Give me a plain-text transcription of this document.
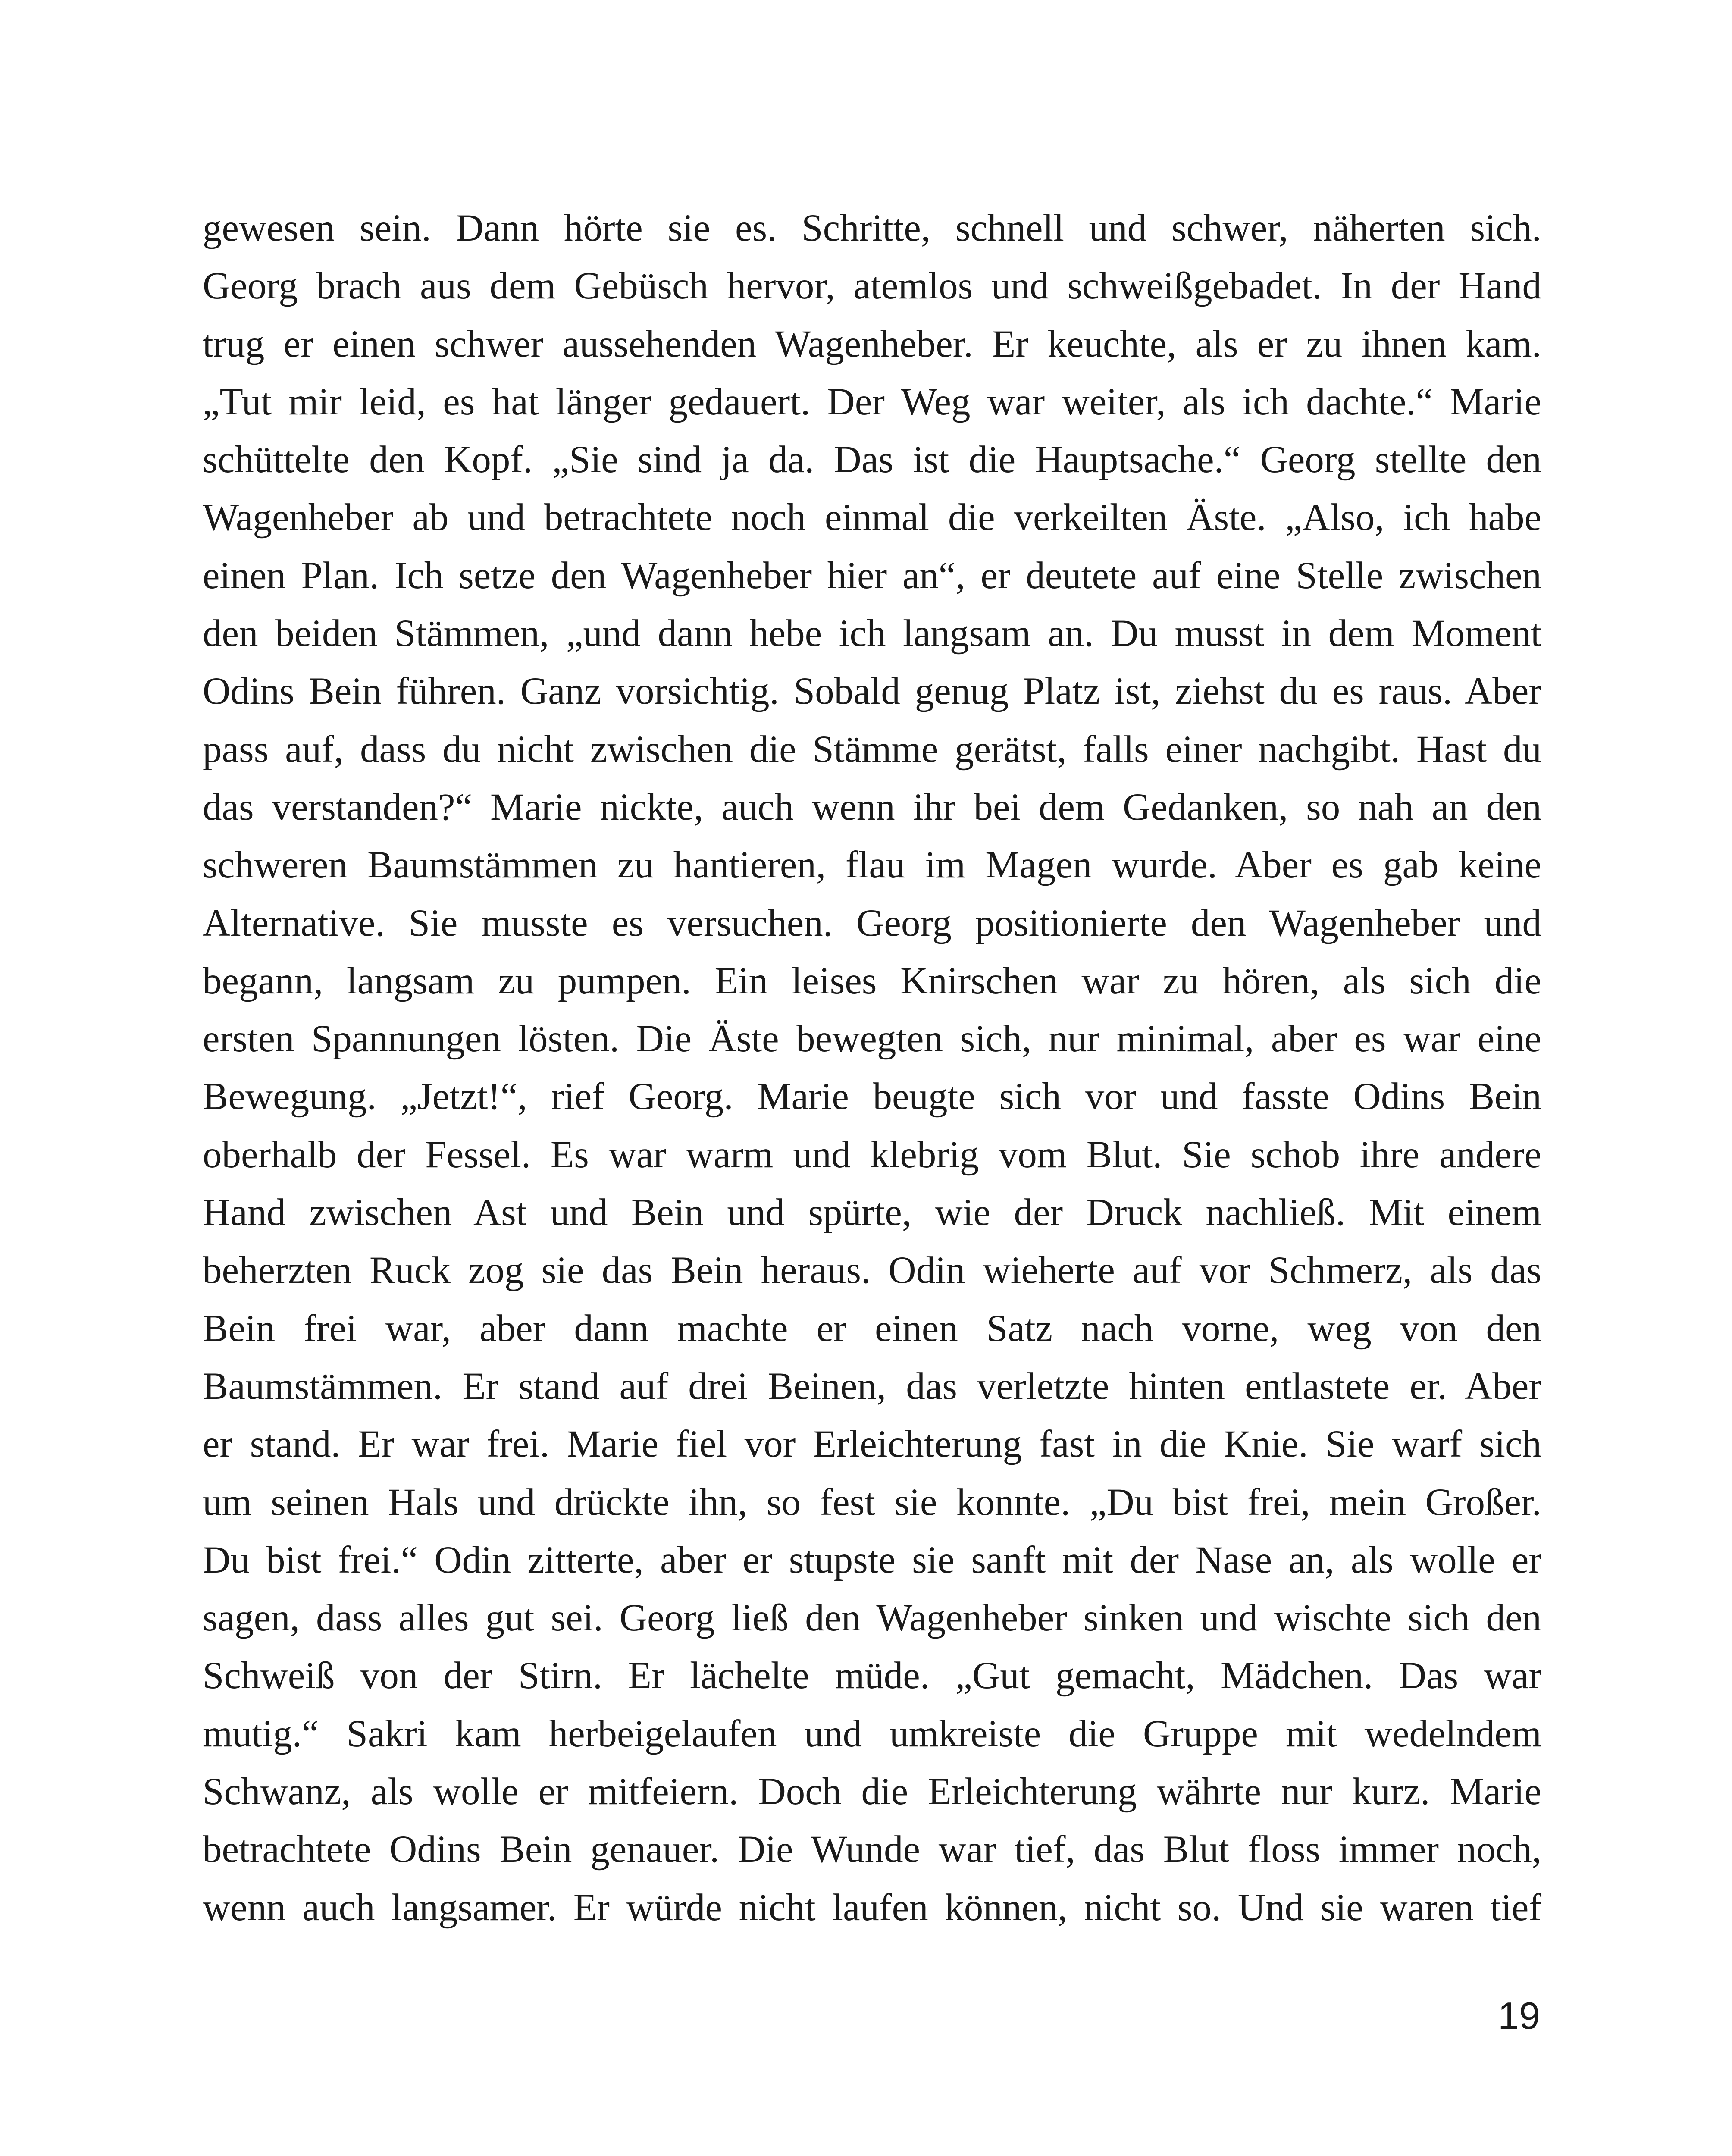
gewesen sein. Dann hörte sie es. Schritte, schnell und schwer, näherten sich.
Georg brach aus dem Gebüsch hervor, atemlos und schweißgebadet. In der Hand
trug er einen schwer aussehenden Wagenheber. Er keuchte, als er zu ihnen kam.
„Tut mir leid, es hat länger gedauert. Der Weg war weiter, als ich dachte.“ Marie
schüttelte den Kopf. „Sie sind ja da. Das ist die Hauptsache.“ Georg stellte den
Wagenheber ab und betrachtete noch einmal die verkeilten Äste. „Also, ich habe
einen Plan. Ich setze den Wagenheber hier an“, er deutete auf eine Stelle zwischen
den beiden Stämmen, „und dann hebe ich langsam an. Du musst in dem Moment
Odins Bein führen. Ganz vorsichtig. Sobald genug Platz ist, ziehst du es raus. Aber
pass auf, dass du nicht zwischen die Stämme gerätst, falls einer nachgibt. Hast du
das verstanden?“ Marie nickte, auch wenn ihr bei dem Gedanken, so nah an den
schweren Baumstämmen zu hantieren, flau im Magen wurde. Aber es gab keine
Alternative. Sie musste es versuchen. Georg positionierte den Wagenheber und
begann, langsam zu pumpen. Ein leises Knirschen war zu hören, als sich die
ersten Spannungen lösten. Die Äste bewegten sich, nur minimal, aber es war eine
Bewegung. „Jetzt!“, rief Georg. Marie beugte sich vor und fasste Odins Bein
oberhalb der Fessel. Es war warm und klebrig vom Blut. Sie schob ihre andere
Hand zwischen Ast und Bein und spürte, wie der Druck nachließ. Mit einem
beherzten Ruck zog sie das Bein heraus. Odin wieherte auf vor Schmerz, als das
Bein frei war, aber dann machte er einen Satz nach vorne, weg von den
Baumstämmen. Er stand auf drei Beinen, das verletzte hinten entlastete er. Aber
er stand. Er war frei. Marie fiel vor Erleichterung fast in die Knie. Sie warf sich
um seinen Hals und drückte ihn, so fest sie konnte. „Du bist frei, mein Großer.
Du bist frei.“ Odin zitterte, aber er stupste sie sanft mit der Nase an, als wolle er
sagen, dass alles gut sei. Georg ließ den Wagenheber sinken und wischte sich den
Schweiß von der Stirn. Er lächelte müde. „Gut gemacht, Mädchen. Das war
mutig.“ Sakri kam herbeigelaufen und umkreiste die Gruppe mit wedelndem
Schwanz, als wolle er mitfeiern. Doch die Erleichterung währte nur kurz. Marie
betrachtete Odins Bein genauer. Die Wunde war tief, das Blut floss immer noch,
wenn auch langsamer. Er würde nicht laufen können, nicht so. Und sie waren tief

19
